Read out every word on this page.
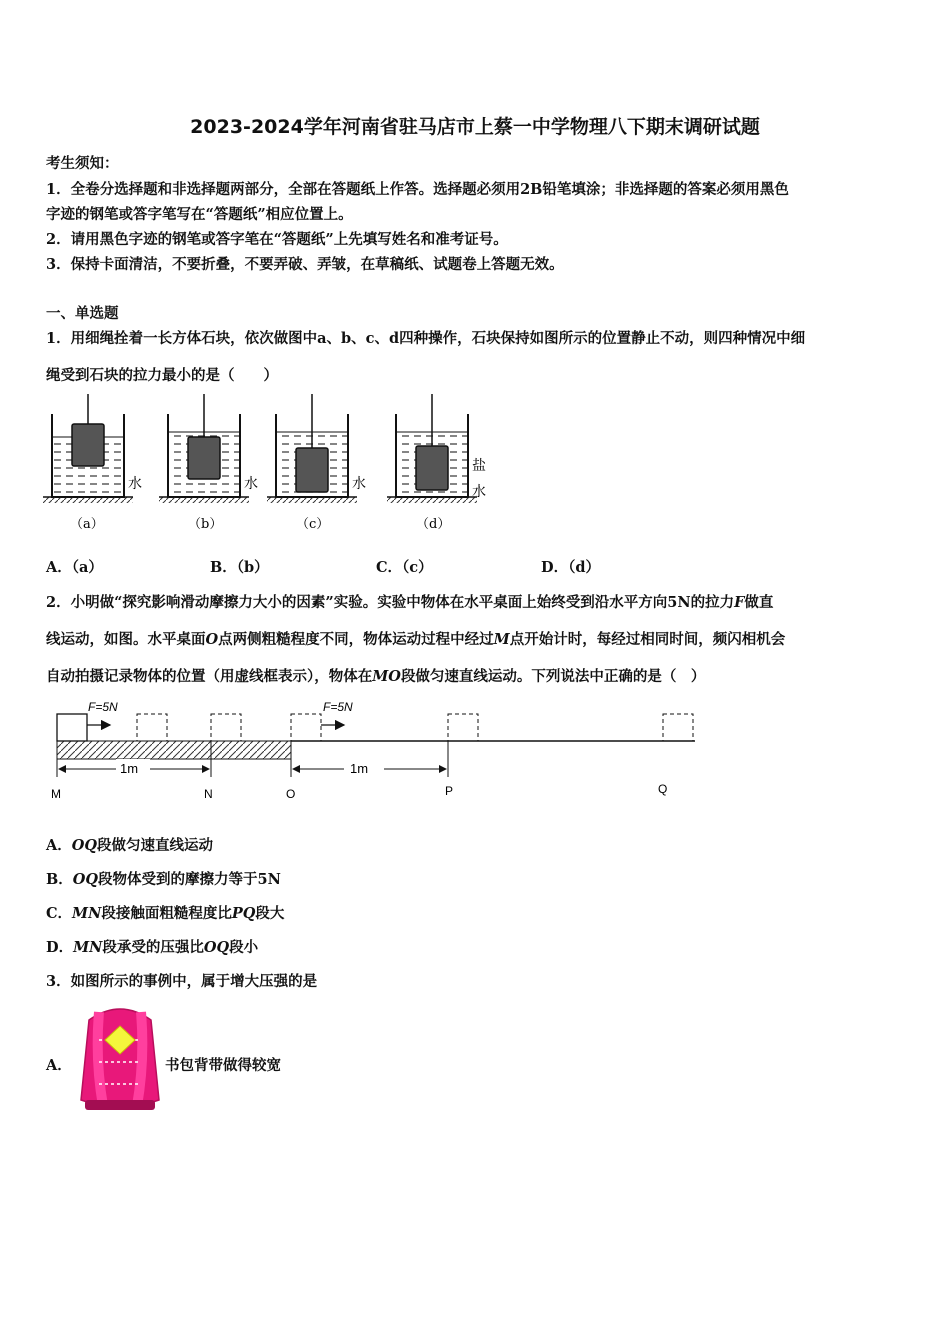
2023-2024学年河南省驻马店市上蔡一中学物理八下期末调研试题
考生须知：
1．全卷分选择题和非选择题两部分，全部在答题纸上作答。选择题必须用2B铅笔填涂；非选择题的答案必须用黑色
字迹的钢笔或答字笔写在“答题纸”相应位置上。
2．请用黑色字迹的钢笔或答字笔在“答题纸”上先填写姓名和准考证号。
3．保持卡面清洁，不要折叠，不要弄破、弄皱，在草稿纸、试题卷上答题无效。
一、单选题
1．用细绳拴着一长方体石块，依次做图中a、b、c、d四种操作，石块保持如图所示的位置静止不动，则四种情况中细
绳受到石块的拉力最小的是（　　）
水
（a）
水
（b）
水
（c）
盐
水
（d）
A．（a）	B．（b）	C．（c）	D．（d）
2．小明做“探究影响滑动摩擦力大小的因素”实验。实验中物体在水平桌面上始终受到沿水平方向5N的拉力F做直
线运动，如图。水平桌面O点两侧粗糙程度不同，物体运动过程中经过M点开始计时，每经过相同时间，频闪相机会
自动拍摄记录物体的位置（用虚线框表示），物体在MO段做匀速直线运动。下列说法中正确的是（　）
F=5N	F=5N
1m	1m
M	N	O	P	Q
A．OQ段做匀速直线运动
B．OQ段物体受到的摩擦力等于5N
C．MN段接触面粗糙程度比PQ段大
D．MN段承受的压强比OQ段小
3．如图所示的事例中，属于增大压强的是
A．	书包背带做得较宽
